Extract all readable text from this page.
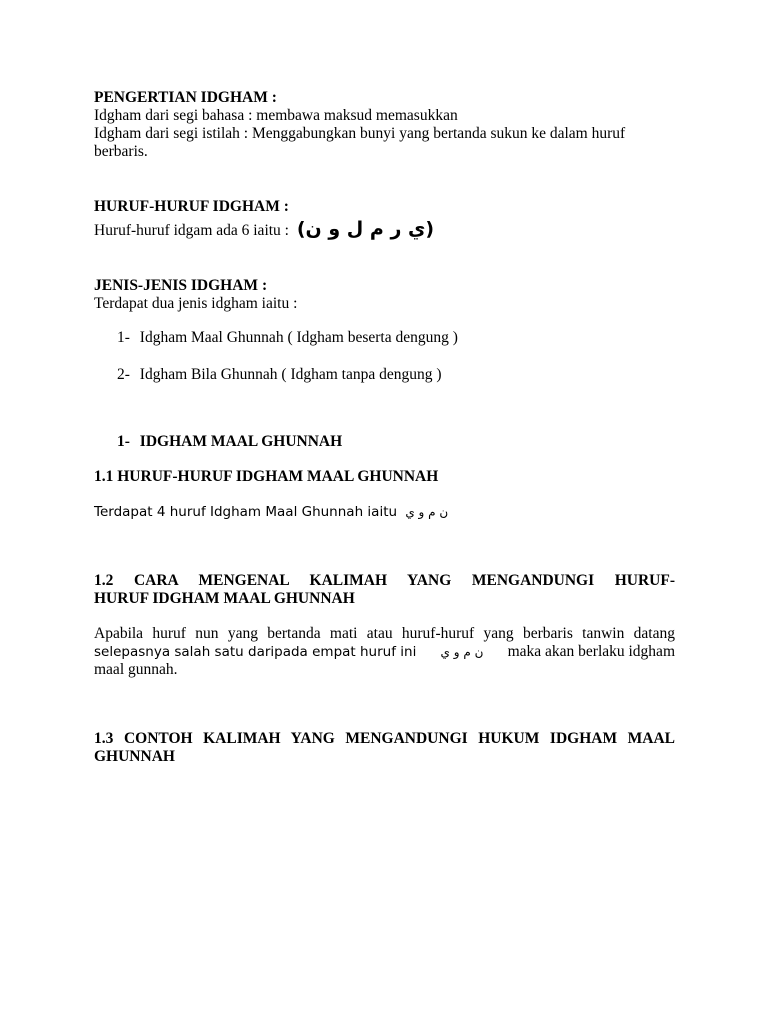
PENGERTIAN IDGHAM :
Idgham dari segi bahasa : membawa maksud memasukkan
Idgham dari segi istilah : Menggabungkan bunyi yang bertanda sukun ke dalam huruf
berbaris.
HURUF-HURUF IDGHAM :
Huruf-huruf idgam ada 6 iaitu : (ي ر م ل و ن)
JENIS-JENIS IDGHAM :
Terdapat dua jenis idgham iaitu :
1- Idgham Maal Ghunnah ( Idgham beserta dengung )
2- Idgham Bila Ghunnah ( Idgham tanpa dengung )
1- IDGHAM MAAL GHUNNAH
1.1 HURUF-HURUF IDGHAM MAAL GHUNNAH
Terdapat 4 huruf Idgham Maal Ghunnah iaitu ن م و ي
1.2 CARA MENGENAL KALIMAH YANG MENGANDUNGI HURUF-
HURUF IDGHAM MAAL GHUNNAH
Apabila huruf nun yang bertanda mati atau huruf-huruf yang berbaris tanwin datang
selepasnya salah satu daripada empat huruf ini ن م و ي maka akan berlaku idgham
maal gunnah.
1.3 CONTOH KALIMAH YANG MENGANDUNGI HUKUM IDGHAM MAAL
GHUNNAH
